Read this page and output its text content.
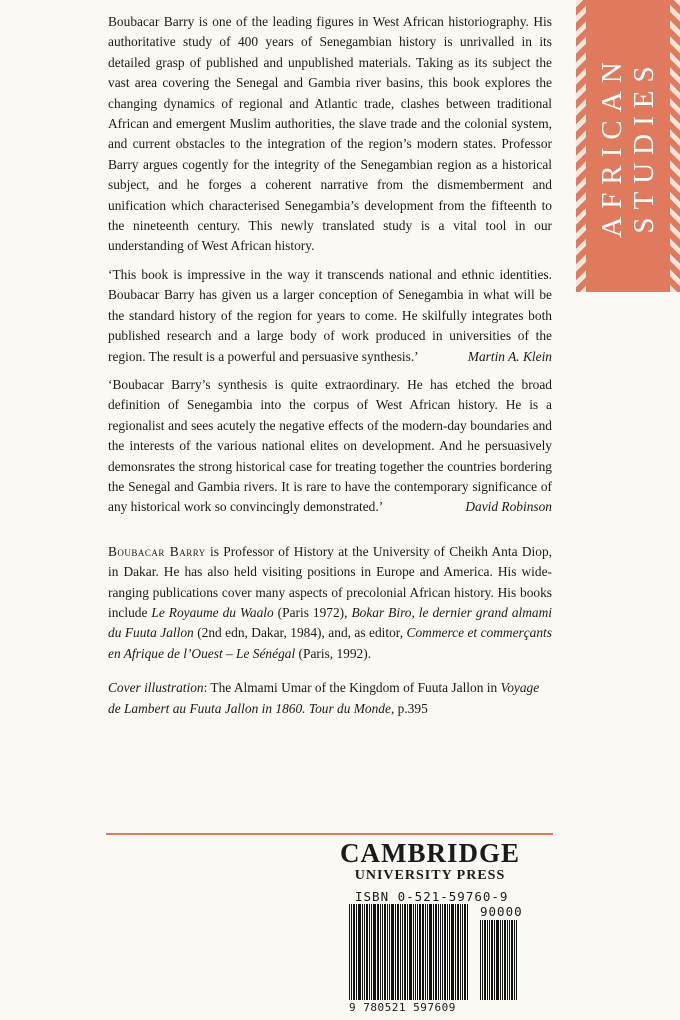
Boubacar Barry is one of the leading figures in West African historiography. His authoritative study of 400 years of Senegambian history is unrivalled in its detailed grasp of published and unpublished materials. Taking as its subject the vast area covering the Senegal and Gambia river basins, this book explores the changing dynamics of regional and Atlantic trade, clashes between traditional African and emergent Muslim authorities, the slave trade and the colonial system, and current obstacles to the integration of the region’s modern states. Professor Barry argues cogently for the integrity of the Senegambian region as a historical subject, and he forges a coherent narrative from the dismemberment and unification which characterised Senegambia’s development from the fifteenth to the nineteenth century. This newly translated study is a vital tool in our understanding of West African history.

‘This book is impressive in the way it transcends national and ethnic identities. Boubacar Barry has given us a larger conception of Senegambia in what will be the standard history of the region for years to come. He skilfully integrates both published research and a large body of work produced in universities of the region. The result is a powerful and persuasive synthesis.’	Martin A. Klein

‘Boubacar Barry’s synthesis is quite extraordinary. He has etched the broad definition of Senegambia into the corpus of West African history. He is a regionalist and sees acutely the negative effects of the modern-day boundaries and the interests of the various national elites on development. And he persuasively demonsrates the strong historical case for treating together the countries bordering the Senegal and Gambia rivers. It is rare to have the contemporary significance of any historical work so convincingly demonstrated.’	David Robinson

Boubacar Barry is Professor of History at the University of Cheikh Anta Diop, in Dakar. He has also held visiting positions in Europe and America. His wide-ranging publications cover many aspects of precolonial African history. His books include Le Royaume du Waalo (Paris 1972), Bokar Biro, le dernier grand almami du Fuuta Jallon (2nd edn, Dakar, 1984), and, as editor, Commerce et commerçants en Afrique de l’Ouest – Le Sénégal (Paris, 1992).

Cover illustration: The Almami Umar of the Kingdom of Fuuta Jallon in Voyage de Lambert au Fuuta Jallon in 1860. Tour du Monde, p.395

AFRICAN STUDIES
CAMBRIDGE
UNIVERSITY PRESS
ISBN 0-521-59760-9
90000
9 780521 597609
